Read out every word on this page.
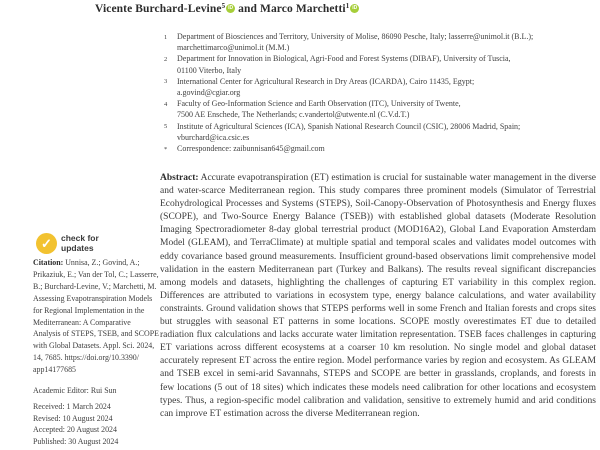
Vicente Burchard-Levine$^5$ iD and Marco Marchetti$^1$ iD
1	Department of Biosciences and Territory, University of Molise, 86090 Pesche, Italy; lasserre@unimol.it (B.L.);
marchettimarco@unimol.it (M.M.)
2	Department for Innovation in Biological, Agri-Food and Forest Systems (DIBAF), University of Tuscia,
01100 Viterbo, Italy
3	International Center for Agricultural Research in Dry Areas (ICARDA), Cairo 11435, Egypt;
a.govind@cgiar.org
4	Faculty of Geo-Information Science and Earth Observation (ITC), University of Twente,
7500 AE Enschede, The Netherlands; c.vandertol@utwente.nl (C.V.d.T.)
5	Institute of Agricultural Sciences (ICA), Spanish National Research Council (CSIC), 28006 Madrid, Spain;
vburchard@ica.csic.es
*	Correspondence: zaibunnisan645@gmail.com
Abstract: Accurate evapotranspiration (ET) estimation is crucial for sustainable water management in the diverse and water-scarce Mediterranean region. This study compares three prominent models (Simulator of Terrestrial Ecohydrological Processes and Systems (STEPS), Soil-Canopy-Observation of Photosynthesis and Energy fluxes (SCOPE), and Two-Source Energy Balance (TSEB)) with established global datasets (Moderate Resolution Imaging Spectroradiometer 8-day global terrestrial product (MOD16A2), Global Land Evaporation Amsterdam Model (GLEAM), and TerraClimate) at multiple spatial and temporal scales and validates model outcomes with eddy covariance based ground measurements. Insufficient ground-based observations limit comprehensive model validation in the eastern Mediterranean part (Turkey and Balkans). The results reveal significant discrepancies among models and datasets, highlighting the challenges of capturing ET variability in this complex region. Differences are attributed to variations in ecosystem type, energy balance calculations, and water availability constraints. Ground validation shows that STEPS performs well in some French and Italian forests and crops sites but struggles with seasonal ET patterns in some locations. SCOPE mostly overestimates ET due to detailed radiation flux calculations and lacks accurate water limitation representation. TSEB faces challenges in capturing ET variations across different ecosystems at a coarser 10 km resolution. No single model and global dataset accurately represent ET across the entire region. Model performance varies by region and ecosystem. As GLEAM and TSEB excel in semi-arid Savannahs, STEPS and SCOPE are better in grasslands, croplands, and forests in few locations (5 out of 18 sites) which indicates these models need calibration for other locations and ecosystem types. Thus, a region-specific model calibration and validation, sensitive to extremely humid and arid conditions can improve ET estimation across the diverse Mediterranean region.
✓	check for
updates
Citation: Unnisa, Z.; Govind, A.;
Prikaziuk, E.; Van der Tol, C.; Lasserre,
B.; Burchard-Levine, V.; Marchetti, M.
Assessing Evapotranspiration Models
for Regional Implementation in the
Mediterranean: A Comparative
Analysis of STEPS, TSEB, and SCOPE
with Global Datasets. Appl. Sci. 2024,
14, 7685. https://doi.org/10.3390/
app14177685
Academic Editor: Rui Sun
Received: 1 March 2024
Revised: 10 August 2024
Accepted: 20 August 2024
Published: 30 August 2024
